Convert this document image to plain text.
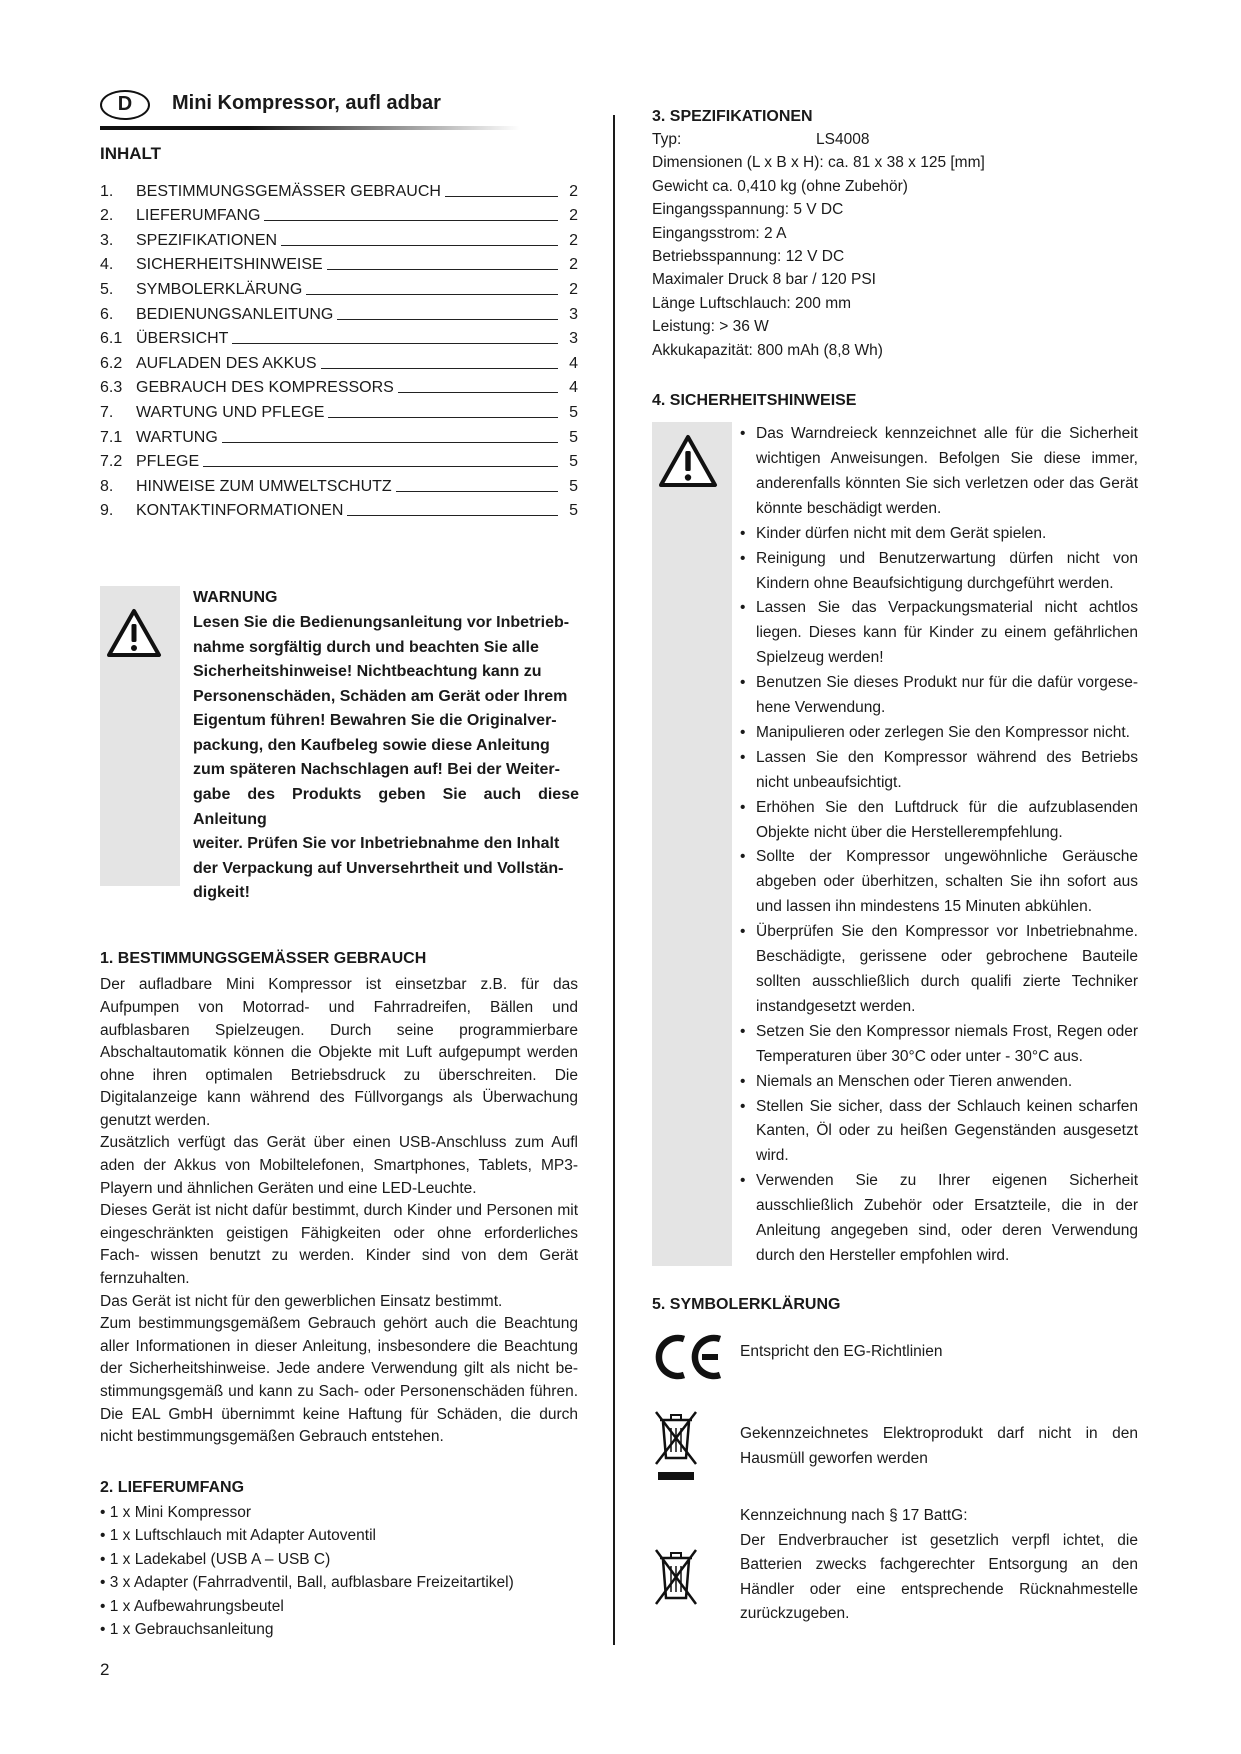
D	Mini Kompressor, aufl adbar
INHALT
1.	BESTIMMUNGSGEMÄSSER GEBRAUCH	2
2.	LIEFERUMFANG	2
3.	SPEZIFIKATIONEN	2
4.	SICHERHEITSHINWEISE	2
5.	SYMBOLERKLÄRUNG	2
6.	BEDIENUNGSANLEITUNG	3
6.1 ÜBERSICHT	3
6.2 AUFLADEN DES AKKUS	4
6.3 GEBRAUCH DES KOMPRESSORS	4
7.	WARTUNG UND PFLEGE	5
7.1 WARTUNG	5
7.2 PFLEGE	5
8.	HINWEISE ZUM UMWELTSCHUTZ	5
9.	KONTAKTINFORMATIONEN	5
WARNUNG
Lesen Sie die Bedienungsanleitung vor Inbetrieb-
nahme sorgfältig durch und beachten Sie alle
Sicherheitshinweise! Nichtbeachtung kann zu
Personenschäden, Schäden am Gerät oder Ihrem
Eigentum führen! Bewahren Sie die Originalver-
packung, den Kaufbeleg sowie diese Anleitung
zum späteren Nachschlagen auf! Bei der Weiter-
gabe des Produkts geben Sie auch diese Anleitung
weiter. Prüfen Sie vor Inbetriebnahme den Inhalt
der Verpackung auf Unversehrtheit und Vollstän-
digkeit!
1. BESTIMMUNGSGEMÄSSER GEBRAUCH

Der aufladbare Mini Kompressor ist einsetzbar z.B. für das Aufpumpen von Motorrad- und Fahrradreifen, Bällen und aufblasbaren Spielzeugen. Durch seine programmierbare Abschaltautomatik können die Objekte mit Luft aufgepumpt werden ohne ihren optimalen Betriebsdruck zu überschreiten. Die Digitalanzeige kann während des Füllvorgangs als Überwachung genutzt werden.

Zusätzlich verfügt das Gerät über einen USB-Anschluss zum Aufl aden der Akkus von Mobiltelefonen, Smartphones, Tablets, MP3-Playern und ähnlichen Geräten und eine LED-Leuchte.

Dieses Gerät ist nicht dafür bestimmt, durch Kinder und Personen mit eingeschränkten geistigen Fähigkeiten oder ohne erforderliches Fach- wissen benutzt zu werden. Kinder sind von dem Gerät fernzuhalten.

Das Gerät ist nicht für den gewerblichen Einsatz bestimmt.

Zum bestimmungsgemäßem Gebrauch gehört auch die Beachtung aller Informationen in dieser Anleitung, insbesondere die Beachtung der Sicherheitshinweise. Jede andere Verwendung gilt als nicht be- stimmungsgemäß und kann zu Sach- oder Personenschäden führen. Die EAL GmbH übernimmt keine Haftung für Schäden, die durch nicht bestimmungsgemäßen Gebrauch entstehen.

2. LIEFERUMFANG
• 1 x Mini Kompressor
• 1 x Luftschlauch mit Adapter Autoventil
• 1 x Ladekabel (USB A – USB C)
• 3 x Adapter (Fahrradventil, Ball, aufblasbare Freizeitartikel)
• 1 x Aufbewahrungsbeutel
• 1 x Gebrauchsanleitung
3. SPEZIFIKATIONEN
Typ:	LS4008
Dimensionen (L x B x H): ca. 81 x 38 x 125 [mm]
Gewicht ca. 0,410 kg (ohne Zubehör)
Eingangsspannung: 5 V DC
Eingangsstrom: 2 A
Betriebsspannung: 12 V DC
Maximaler Druck 8 bar / 120 PSI
Länge Luftschlauch: 200 mm
Leistung: > 36 W
Akkukapazität: 800 mAh (8,8 Wh)
4. SICHERHEITSHINWEISE
• Das Warndreieck kennzeichnet alle für die Sicherheit wichtigen Anweisungen. Befolgen Sie diese immer, anderenfalls könnten Sie sich verletzen oder das Gerät könnte beschädigt werden.
• Kinder dürfen nicht mit dem Gerät spielen.
• Reinigung und Benutzerwartung dürfen nicht von Kindern ohne Beaufsichtigung durchgeführt werden.
• Lassen Sie das Verpackungsmaterial nicht achtlos liegen. Dieses kann für Kinder zu einem gefährlichen Spielzeug werden!
• Benutzen Sie dieses Produkt nur für die dafür vorgese- hene Verwendung.
• Manipulieren oder zerlegen Sie den Kompressor nicht.
• Lassen Sie den Kompressor während des Betriebs nicht unbeaufsichtigt.
• Erhöhen Sie den Luftdruck für die aufzublasenden Objekte nicht über die Herstellerempfehlung.
• Sollte der Kompressor ungewöhnliche Geräusche abgeben oder überhitzen, schalten Sie ihn sofort aus und lassen ihn mindestens 15 Minuten abkühlen.
• Überprüfen Sie den Kompressor vor Inbetriebnahme. Beschädigte, gerissene oder gebrochene Bauteile sollten ausschließlich durch qualifi zierte Techniker instandgesetzt werden.
• Setzen Sie den Kompressor niemals Frost, Regen oder Temperaturen über 30°C oder unter - 30°C aus.
• Niemals an Menschen oder Tieren anwenden.
• Stellen Sie sicher, dass der Schlauch keinen scharfen Kanten, Öl oder zu heißen Gegenständen ausgesetzt wird.
• Verwenden Sie zu Ihrer eigenen Sicherheit ausschließlich Zubehör oder Ersatzteile, die in der Anleitung angegeben sind, oder deren Verwendung durch den Hersteller empfohlen wird.
5. SYMBOLERKLÄRUNG
Entspricht den EG-Richtlinien
Gekennzeichnetes Elektroprodukt darf nicht in den Hausmüll geworfen werden
Kennzeichnung nach § 17 BattG:
Der Endverbraucher ist gesetzlich verpfl ichtet, die Batterien zwecks fachgerechter Entsorgung an den Händler oder eine entsprechende Rücknahmestelle zurückzugeben.
2
